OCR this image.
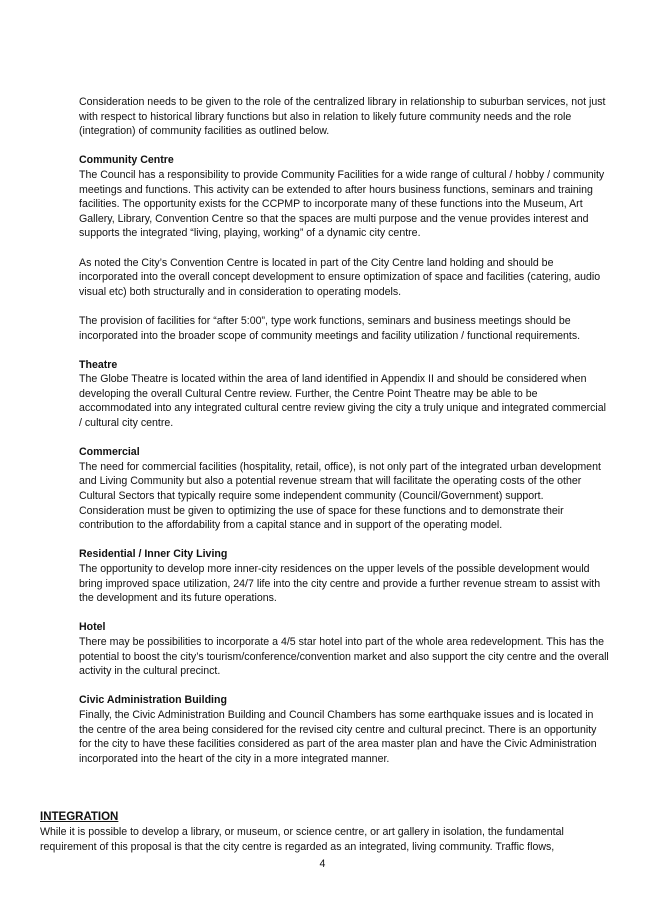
Consideration needs to be given to the role of the centralized library in relationship to suburban services, not just with respect to historical library functions but also in relation to likely future community needs and the role (integration) of community facilities as outlined below.

Community Centre

The Council has a responsibility to provide Community Facilities for a wide range of cultural / hobby / community meetings and functions. This activity can be extended to after hours business functions, seminars and training facilities. The opportunity exists for the CCPMP to incorporate many of these functions into the Museum, Art Gallery, Library, Convention Centre so that the spaces are multi purpose and the venue provides interest and supports the integrated “living, playing, working” of a dynamic city centre.

As noted the City’s Convention Centre is located in part of the City Centre land holding and should be incorporated into the overall concept development to ensure optimization of space and facilities (catering, audio visual etc) both structurally and in consideration to operating models.

The provision of facilities for “after 5:00”, type work functions, seminars and business meetings should be incorporated into the broader scope of community meetings and facility utilization / functional requirements.

Theatre

The Globe Theatre is located within the area of land identified in Appendix II and should be considered when developing the overall Cultural Centre review. Further, the Centre Point Theatre may be able to be accommodated into any integrated cultural centre review giving the city a truly unique and integrated commercial / cultural city centre.

Commercial

The need for commercial facilities (hospitality, retail, office), is not only part of the integrated urban development and Living Community but also a potential revenue stream that will facilitate the operating costs of the other Cultural Sectors that typically require some independent community (Council/Government) support. Consideration must be given to optimizing the use of space for these functions and to demonstrate their contribution to the affordability from a capital stance and in support of the operating model.

Residential / Inner City Living

The opportunity to develop more inner-city residences on the upper levels of the possible development would bring improved space utilization, 24/7 life into the city centre and provide a further revenue stream to assist with the development and its future operations.

Hotel

There may be possibilities to incorporate a 4/5 star hotel into part of the whole area redevelopment. This has the potential to boost the city’s tourism/conference/convention market and also support the city centre and the overall activity in the cultural precinct.

Civic Administration Building

Finally, the Civic Administration Building and Council Chambers has some earthquake issues and is located in the centre of the area being considered for the revised city centre and cultural precinct. There is an opportunity for the city to have these facilities considered as part of the area master plan and have the Civic Administration incorporated into the heart of the city in a more integrated manner.

INTEGRATION

While it is possible to develop a library, or museum, or science centre, or art gallery in isolation, the fundamental requirement of this proposal is that the city centre is regarded as an integrated, living community. Traffic flows,

4
